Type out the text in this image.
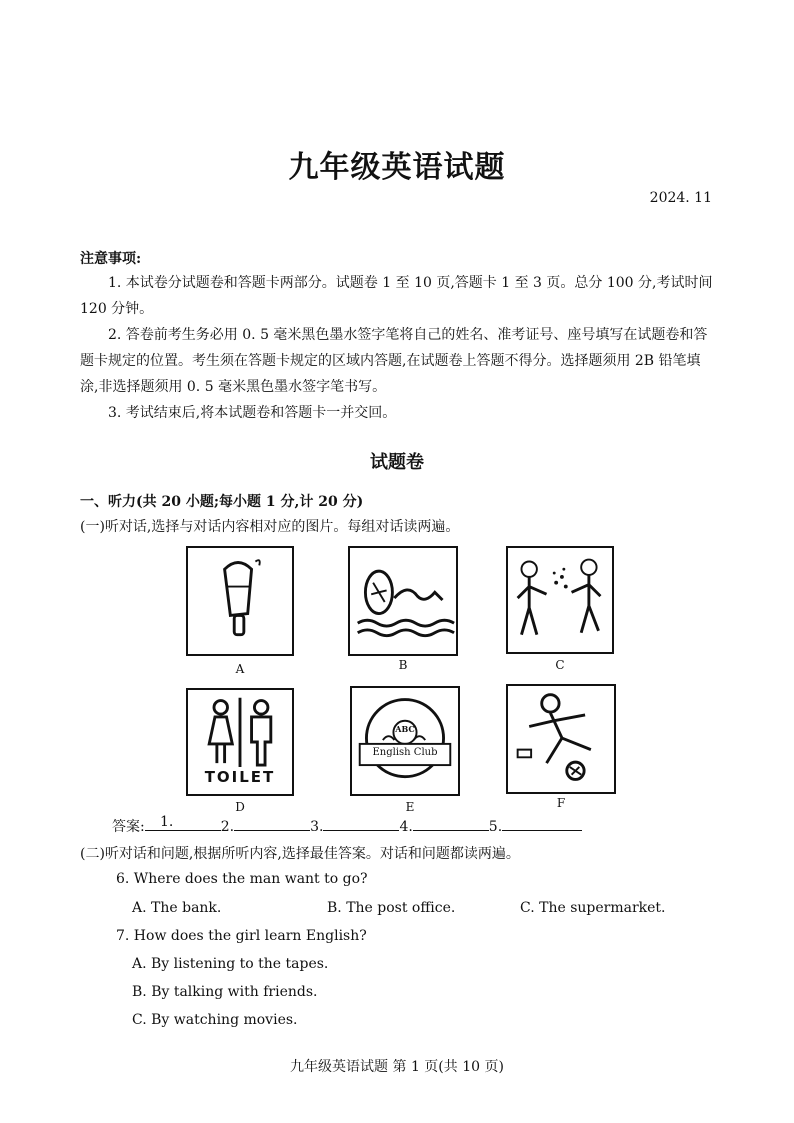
九年级英语试题
2024. 11
注意事项:
1. 本试卷分试题卷和答题卡两部分。试题卷 1 至 10 页,答题卡 1 至 3 页。总分 100 分,考试时间 120 分钟。
2. 答卷前考生务必用 0. 5 毫米黑色墨水签字笔将自己的姓名、准考证号、座号填写在试题卷和答题卡规定的位置。考生须在答题卡规定的区域内答题,在试题卷上答题不得分。选择题须用 2B 铅笔填涂,非选择题须用 0. 5 毫米黑色墨水签字笔书写。
3. 考试结束后,将本试题卷和答题卡一并交回。
试题卷
一、听力(共 20 小题;每小题 1 分,计 20 分)
(一)听对话,选择与对话内容相对应的图片。每组对话读两遍。
A	B	C
TOILET
D
ABC
English Club
E	F
答案:	2.	3.	4.	5.
1.
(二)听对话和问题,根据所听内容,选择最佳答案。对话和问题都读两遍。
6. Where does the man want to go?
A. The bank.	B. The post office.	C. The supermarket.
7. How does the girl learn English?
A. By listening to the tapes.
B. By talking with friends.
C. By watching movies.
九年级英语试题 第 1 页(共 10 页)
